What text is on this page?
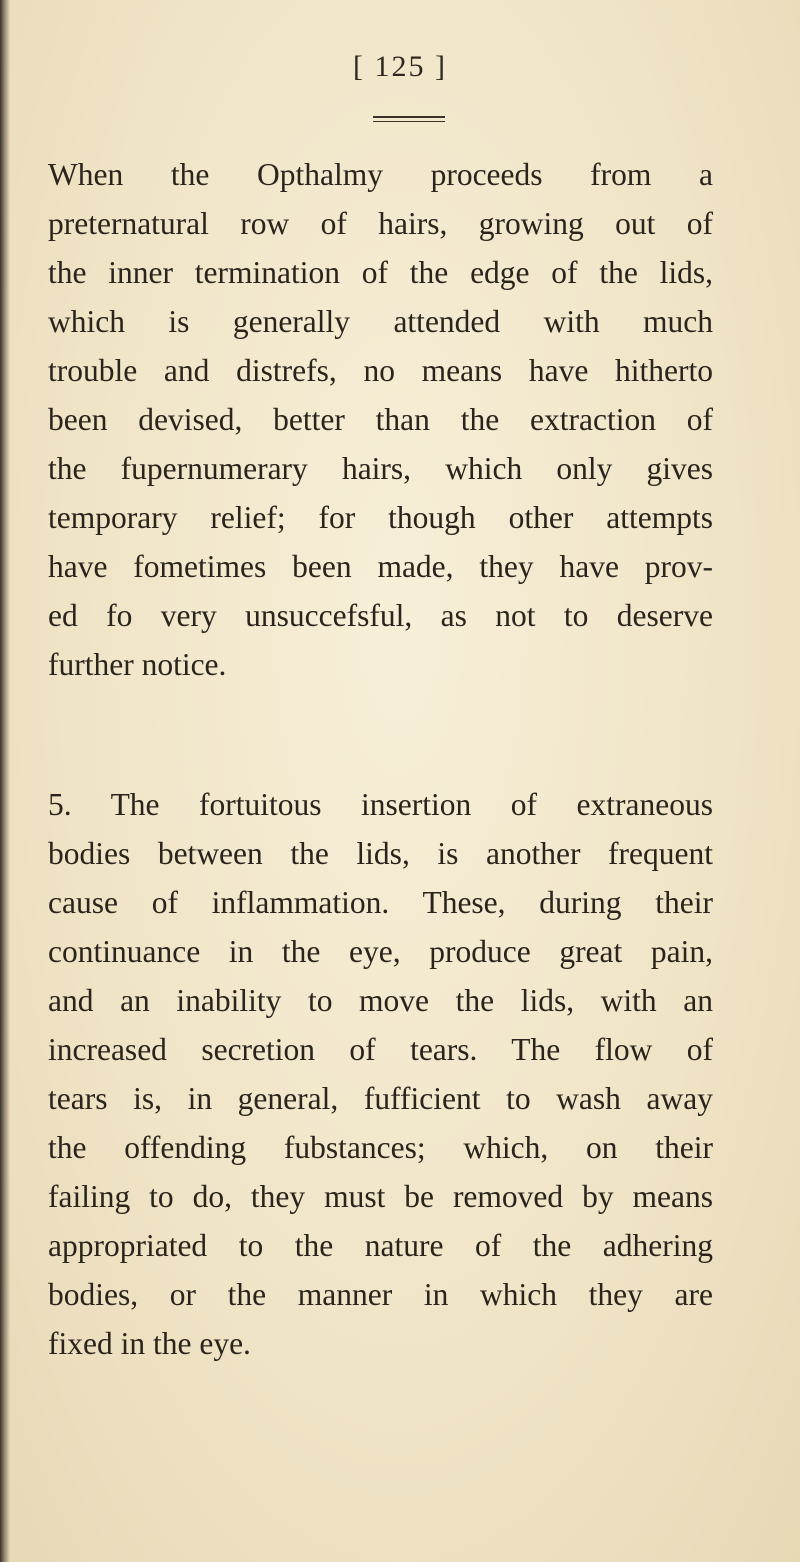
[ 125 ]
When the Opthalmy proceeds from a
preternatural row of hairs, growing out of
the inner termination of the edge of the lids,
which is generally attended with much
trouble and distrefs, no means have hitherto
been devised, better than the extraction of
the fupernumerary hairs, which only gives
temporary relief; for though other attempts
have fometimes been made, they have prov-
ed fo very unsuccefsful, as not to deserve
further notice.
5. The fortuitous insertion of extraneous
bodies between the lids, is another frequent
cause of inflammation. These, during their
continuance in the eye, produce great pain,
and an inability to move the lids, with an
increased secretion of tears. The flow of
tears is, in general, fufficient to wash away
the offending fubstances; which, on their
failing to do, they must be removed by means
appropriated to the nature of the adhering
bodies, or the manner in which they are
fixed in the eye.
